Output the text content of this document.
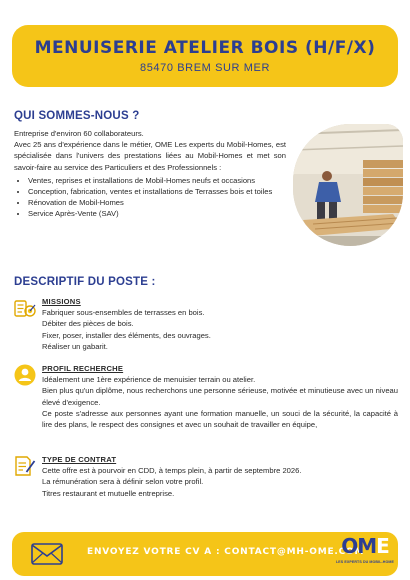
MENUISERIE ATELIER BOIS (H/F/X)
85470 BREM SUR MER
QUI SOMMES-NOUS ?

Entreprise d'environ 60 collaborateurs.

Avec 25 ans d'expérience dans le métier, OME Les experts du Mobil-Homes, est spécialisée dans l'univers des prestations liées au Mobil-Homes et met son savoir-faire au service des Particuliers et des Professionnels :

• Ventes, reprises et installations de Mobil-Homes neufs et occasions
• Conception, fabrication, ventes et installations de Terrasses bois et toiles
• Rénovation de Mobil-Homes
• Service Après-Vente (SAV)
DESCRIPTIF DU POSTE :
MISSIONS
Fabriquer sous-ensembles de terrasses en bois.
Débiter des pièces de bois.
Fixer, poser, installer des éléments, des ouvrages.
Réaliser un gabarit.
PROFIL RECHERCHE
Idéalement une 1ère expérience de menuisier terrain ou atelier.
Bien plus qu'un diplôme, nous recherchons une personne sérieuse, motivée et minutieuse avec un niveau élevé d'exigence.
Ce poste s'adresse aux personnes ayant une formation manuelle, un souci de la sécurité, la capacité à lire des plans, le respect des consignes et avec un souhait de travailler en équipe,
TYPE DE CONTRAT
Cette offre est à pourvoir en CDD, à temps plein, à partir de septembre 2026.
La rémunération sera à définir selon votre profil.
Titres restaurant et mutuelle entreprise.
ENVOYEZ VOTRE CV A : CONTACT@MH-OME.COM
OME
LES EXPERTS DU MOBIL-HOME
